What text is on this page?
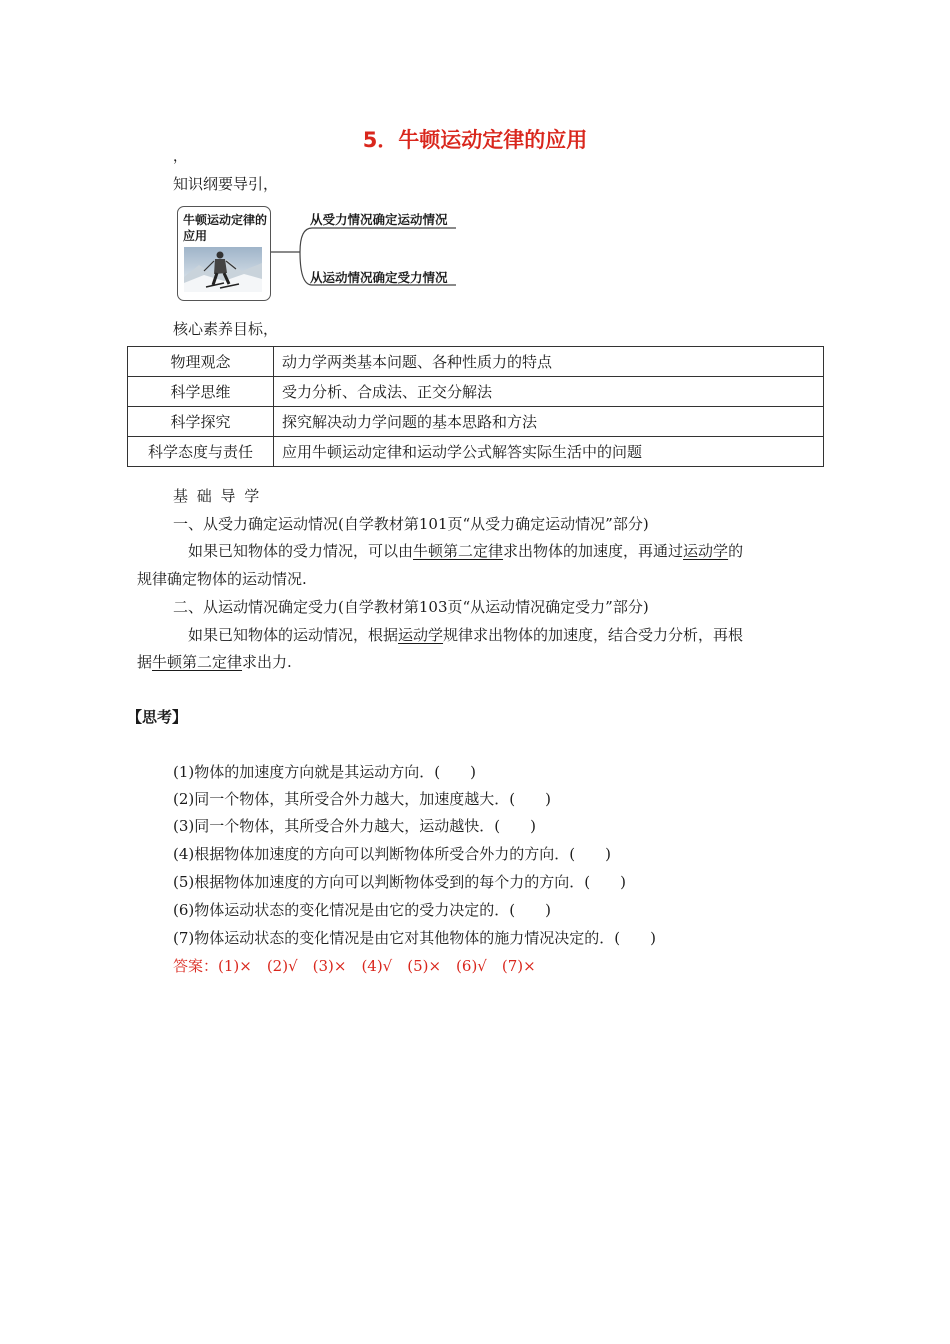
5．牛顿运动定律的应用
，
知识纲要导引，
牛顿运动定律的应用
从受力情况确定运动情况
从运动情况确定受力情况
核心素养目标，
物理观念	动力学两类基本问题、各种性质力的特点
科学思维	受力分析、合成法、正交分解法
科学探究	探究解决动力学问题的基本思路和方法
科学态度与责任	应用牛顿运动定律和运动学公式解答实际生活中的问题
基 础 导 学
一、从受力确定运动情况(自学教材第101页“从受力确定运动情况”部分)
如果已知物体的受力情况，可以由牛顿第二定律求出物体的加速度，再通过运动学的
规律确定物体的运动情况.
二、从运动情况确定受力(自学教材第103页“从运动情况确定受力”部分)
如果已知物体的运动情况，根据运动学规律求出物体的加速度，结合受力分析，再根
据牛顿第二定律求出力.
【思考】
(1)物体的加速度方向就是其运动方向．(　　)
(2)同一个物体，其所受合外力越大，加速度越大．(　　)
(3)同一个物体，其所受合外力越大，运动越快．(　　)
(4)根据物体加速度的方向可以判断物体所受合外力的方向．(　　)
(5)根据物体加速度的方向可以判断物体受到的每个力的方向．(　　)
(6)物体运动状态的变化情况是由它的受力决定的．(　　)
(7)物体运动状态的变化情况是由它对其他物体的施力情况决定的．(　　)
答案：(1)×　(2)√　(3)×　(4)√　(5)×　(6)√　(7)×
